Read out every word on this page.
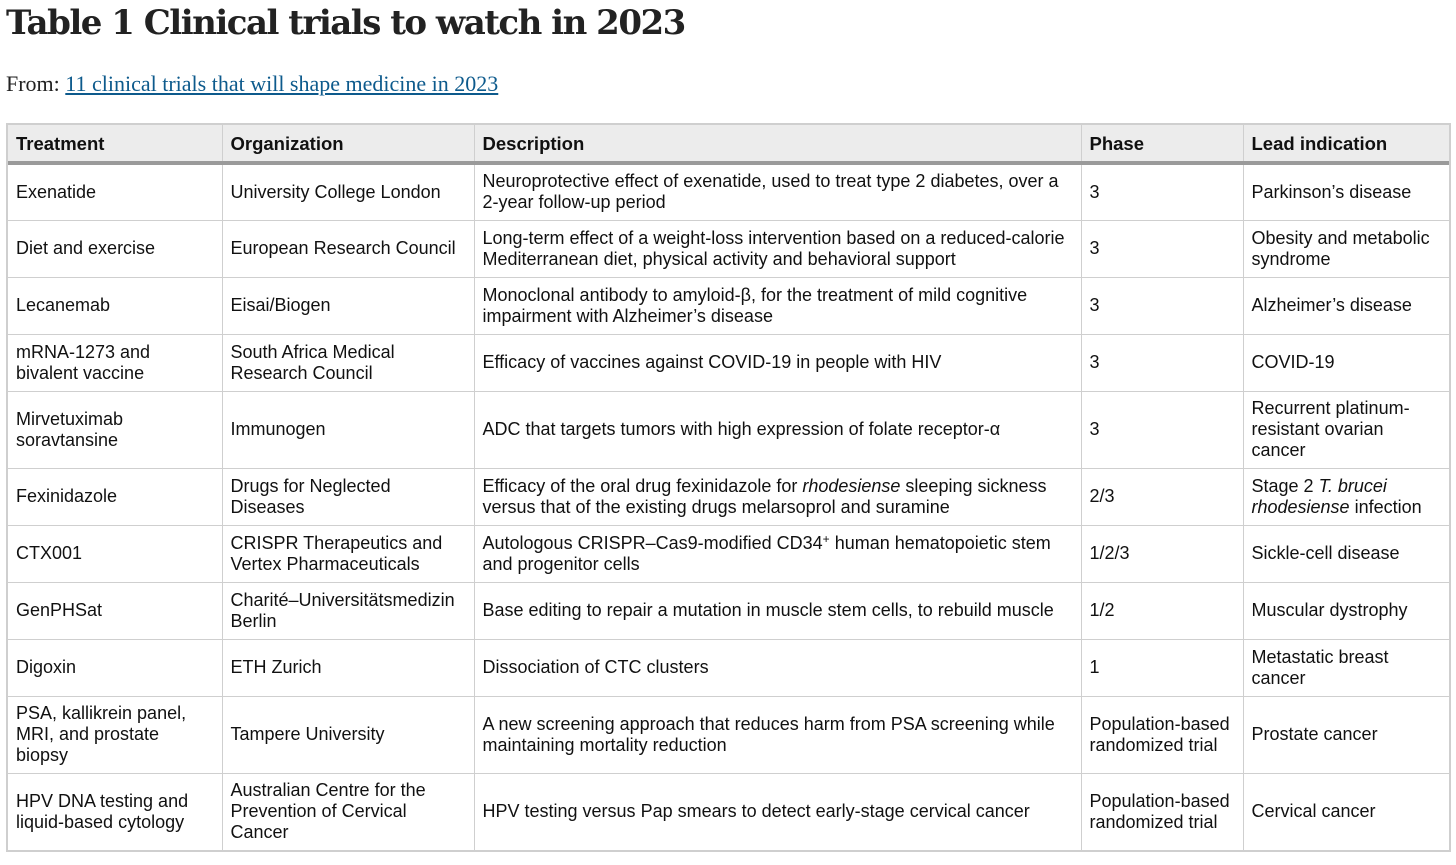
Table 1 Clinical trials to watch in 2023

From: 11 clinical trials that will shape medicine in 2023

Treatment	Organization	Description	Phase	Lead indication
Exenatide	University College London	Neuroprotective effect of exenatide, used to treat type 2 diabetes, over a 2-year follow-up period	3	Parkinson’s disease
Diet and exercise	European Research Council	Long-term effect of a weight-loss intervention based on a reduced-calorie Mediterranean diet, physical activity and behavioral support	3	Obesity and metabolic syndrome
Lecanemab	Eisai/Biogen	Monoclonal antibody to amyloid-β, for the treatment of mild cognitive impairment with Alzheimer’s disease	3	Alzheimer’s disease
mRNA-1273 and bivalent vaccine	South Africa Medical Research Council	Efficacy of vaccines against COVID-19 in people with HIV	3	COVID-19
Mirvetuximab soravtansine	Immunogen	ADC that targets tumors with high expression of folate receptor-α	3	Recurrent platinum-resistant ovarian cancer
Fexinidazole	Drugs for Neglected Diseases	Efficacy of the oral drug fexinidazole for rhodesiense sleeping sickness versus that of the existing drugs melarsoprol and suramine	2/3	Stage 2 T. brucei rhodesiense infection
CTX001	CRISPR Therapeutics and Vertex Pharmaceuticals	Autologous CRISPR–Cas9-modified CD34+ human hematopoietic stem and progenitor cells	1/2/3	Sickle-cell disease
GenPHSat	Charité–Universitätsmedizin Berlin	Base editing to repair a mutation in muscle stem cells, to rebuild muscle	1/2	Muscular dystrophy
Digoxin	ETH Zurich	Dissociation of CTC clusters	1	Metastatic breast cancer
PSA, kallikrein panel, MRI, and prostate biopsy	Tampere University	A new screening approach that reduces harm from PSA screening while maintaining mortality reduction	Population-based randomized trial	Prostate cancer
HPV DNA testing and liquid-based cytology	Australian Centre for the Prevention of Cervical Cancer	HPV testing versus Pap smears to detect early-stage cervical cancer	Population-based randomized trial	Cervical cancer
